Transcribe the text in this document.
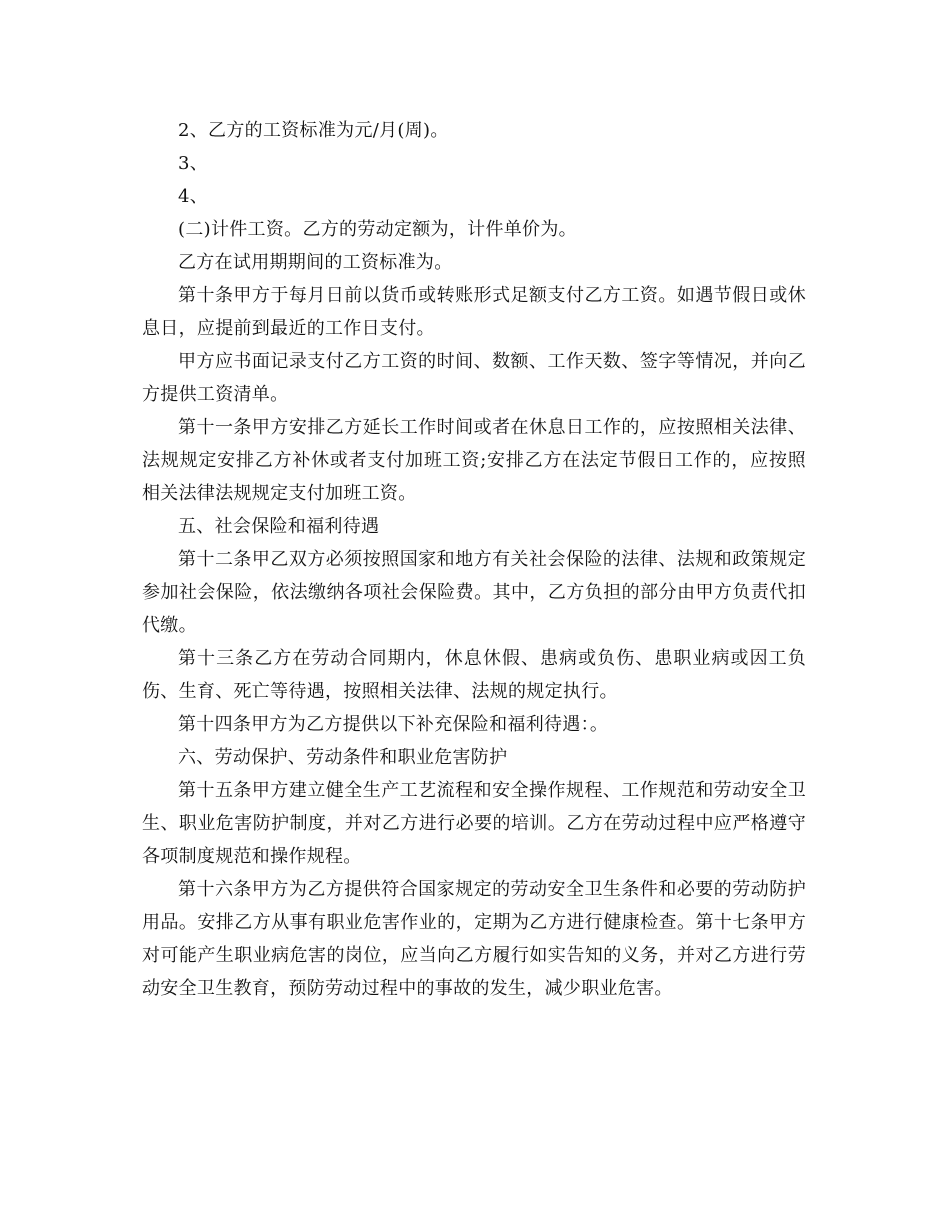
2、乙方的工资标准为元/月(周)。

3、

4、

(二)计件工资。乙方的劳动定额为，计件单价为。

乙方在试用期期间的工资标准为。

第十条甲方于每月日前以货币或转账形式足额支付乙方工资。如遇节假日或休息日，应提前到最近的工作日支付。

甲方应书面记录支付乙方工资的时间、数额、工作天数、签字等情况，并向乙方提供工资清单。

第十一条甲方安排乙方延长工作时间或者在休息日工作的，应按照相关法律、法规规定安排乙方补休或者支付加班工资;安排乙方在法定节假日工作的，应按照相关法律法规规定支付加班工资。

五、社会保险和福利待遇

第十二条甲乙双方必须按照国家和地方有关社会保险的法律、法规和政策规定参加社会保险，依法缴纳各项社会保险费。其中，乙方负担的部分由甲方负责代扣代缴。

第十三条乙方在劳动合同期内，休息休假、患病或负伤、患职业病或因工负伤、生育、死亡等待遇，按照相关法律、法规的规定执行。

第十四条甲方为乙方提供以下补充保险和福利待遇：。

六、劳动保护、劳动条件和职业危害防护

第十五条甲方建立健全生产工艺流程和安全操作规程、工作规范和劳动安全卫生、职业危害防护制度，并对乙方进行必要的培训。乙方在劳动过程中应严格遵守各项制度规范和操作规程。

第十六条甲方为乙方提供符合国家规定的劳动安全卫生条件和必要的劳动防护用品。安排乙方从事有职业危害作业的，定期为乙方进行健康检查。第十七条甲方对可能产生职业病危害的岗位，应当向乙方履行如实告知的义务，并对乙方进行劳动安全卫生教育，预防劳动过程中的事故的发生，减少职业危害。
